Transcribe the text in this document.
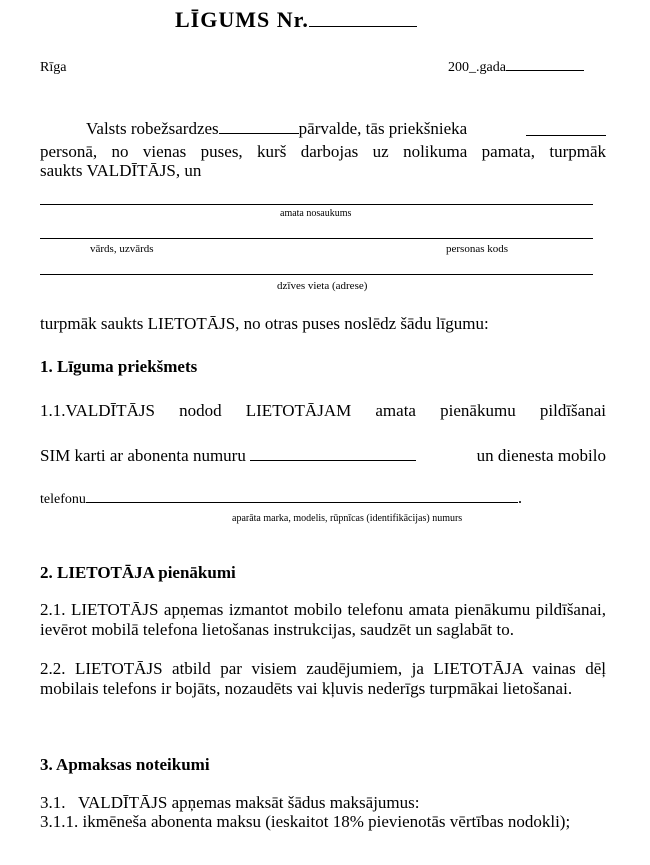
LĪGUMS Nr.
Rīga	200_.gada
Valsts robežsardzes	pārvalde, tās priekšnieka
personā, no vienas puses, kurš darbojas uz nolikuma pamata, turpmāk
saukts VALDĪTĀJS, un
amata nosaukums
vārds, uzvārds	personas kods
dzīves vieta (adrese)
turpmāk saukts LIETOTĀJS, no otras puses noslēdz šādu līgumu:
1. Līguma priekšmets
1.1.VALDĪTĀJS nodod LIETOTĀJAM amata pienākumu pildīšanai
SIM karti ar abonenta numuru	un dienesta mobilo
telefonu	.
aparāta marka, modelis, rūpnīcas (identifikācijas) numurs
2. LIETOTĀJA pienākumi
2.1. LIETOTĀJS apņemas izmantot mobilo telefonu amata pienākumu pildīšanai, ievērot mobilā telefona lietošanas instrukcijas, saudzēt un saglabāt to.
2.2. LIETOTĀJS atbild par visiem zaudējumiem, ja LIETOTĀJA vainas dēļ mobilais telefons ir bojāts, nozaudēts vai kļuvis nederīgs turpmākai lietošanai.
3. Apmaksas noteikumi
3.1.   VALDĪTĀJS apņemas maksāt šādus maksājumus:
3.1.1. ikmēneša abonenta maksu (ieskaitot 18% pievienotās vērtības nodokli);
